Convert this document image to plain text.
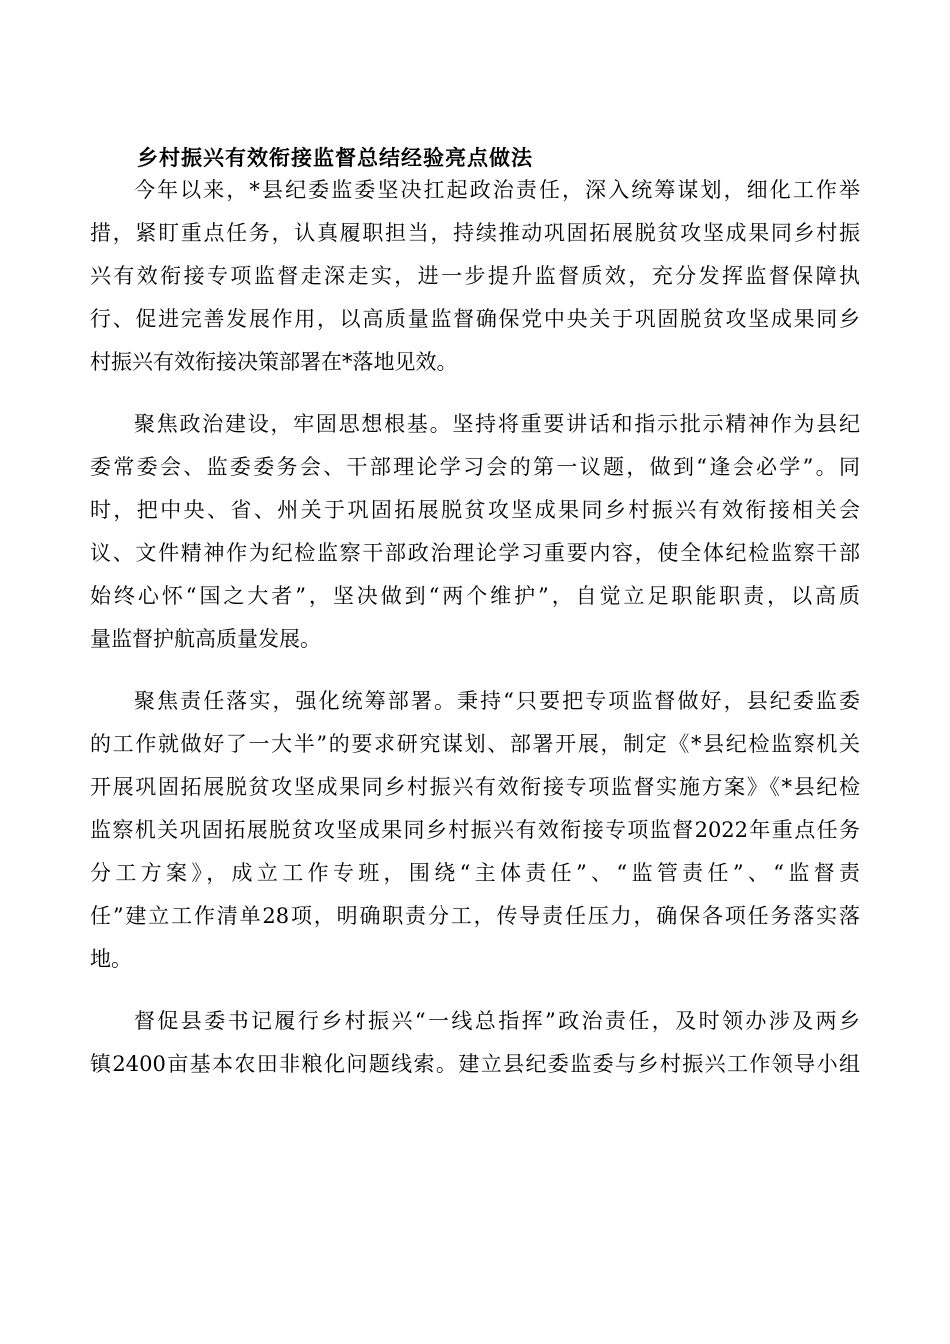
乡村振兴有效衔接监督总结经验亮点做法
今年以来，*县纪委监委坚决扛起政治责任，深入统筹谋划，细化工作举
措，紧盯重点任务，认真履职担当，持续推动巩固拓展脱贫攻坚成果同乡村振
兴有效衔接专项监督走深走实，进一步提升监督质效，充分发挥监督保障执
行、促进完善发展作用，以高质量监督确保党中央关于巩固脱贫攻坚成果同乡
村振兴有效衔接决策部署在*落地见效。
聚焦政治建设，牢固思想根基。坚持将重要讲话和指示批示精神作为县纪
委常委会、监委委务会、干部理论学习会的第一议题，做到“逢会必学”。同
时，把中央、省、州关于巩固拓展脱贫攻坚成果同乡村振兴有效衔接相关会
议、文件精神作为纪检监察干部政治理论学习重要内容，使全体纪检监察干部
始终心怀“国之大者”，坚决做到“两个维护”，自觉立足职能职责，以高质
量监督护航高质量发展。
聚焦责任落实，强化统筹部署。秉持“只要把专项监督做好，县纪委监委
的工作就做好了一大半”的要求研究谋划、部署开展，制定《*县纪检监察机关
开展巩固拓展脱贫攻坚成果同乡村振兴有效衔接专项监督实施方案》《*县纪检
监察机关巩固拓展脱贫攻坚成果同乡村振兴有效衔接专项监督2022年重点任务
分工方案》，成立工作专班，围绕“主体责任”、“监管责任”、“监督责
任”建立工作清单28项，明确职责分工，传导责任压力，确保各项任务落实落
地。
督促县委书记履行乡村振兴“一线总指挥”政治责任，及时领办涉及两乡
镇2400亩基本农田非粮化问题线索。建立县纪委监委与乡村振兴工作领导小组
